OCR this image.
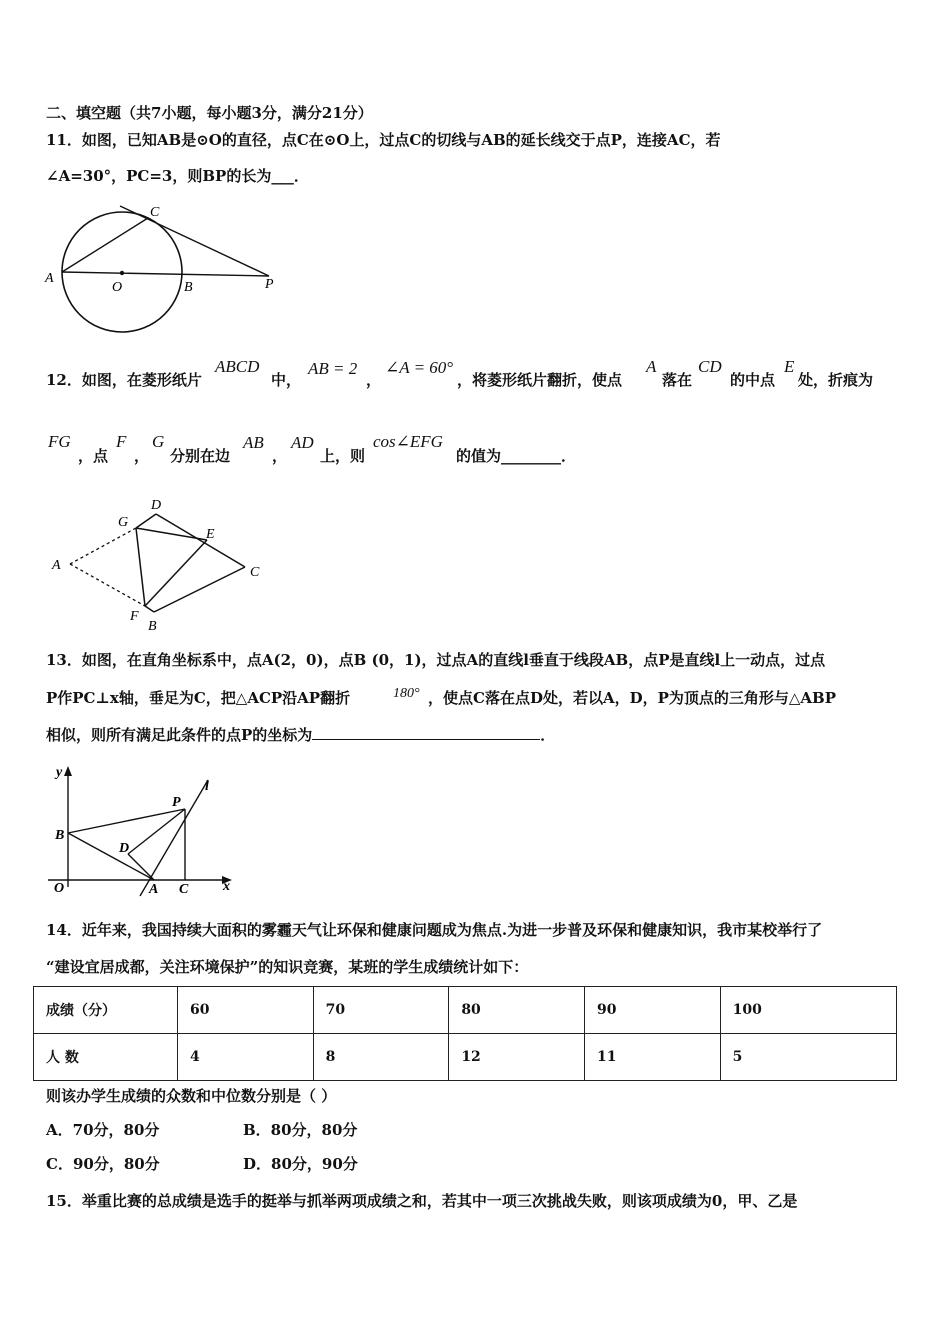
二、填空题（共7小题，每小题3分，满分21分）
11．如图，已知AB是⊙O的直径，点C在⊙O上，过点C的切线与AB的延长线交于点P，连接AC，若
∠A=30°，PC=3，则BP的长为___．
C
A
O	B	P
12．如图，在菱形纸片
ABCD
中，
AB = 2
，
∠A = 60°
，将菱形纸片翻折，使点
A
落在
CD
的中点
E
处，折痕为
FG
，点
F
，
G
分别在边
AB
，
AD
上，则
cos∠EFG
的值为________．
D
G
E
A	C
F
B
13．如图，在直角坐标系中，点A(2，0)，点B (0，1)，过点A的直线l垂直于线段AB，点P是直线l上一动点，过点
P作PC⊥x轴，垂足为C，把△ACP沿AP翻折	180° ，使点C落在点D处，若以A，D，P为顶点的三角形与△ABP
相似，则所有满足此条件的点P的坐标为	．
y
P
l
B
D
O	A C x
14．近年来，我国持续大面积的雾霾天气让环保和健康问题成为焦点.为进一步普及环保和健康知识，我市某校举行了
“建设宜居成都，关注环境保护”的知识竞赛，某班的学生成绩统计如下：
成绩（分）	60	70	80	90	100
人 数	4	8	12	11	5
则该办学生成绩的众数和中位数分别是（ ）
A．70分，80分	B．80分，80分
C．90分，80分	D．80分，90分
15．举重比赛的总成绩是选手的挺举与抓举两项成绩之和，若其中一项三次挑战失败，则该项成绩为0，甲、乙是
